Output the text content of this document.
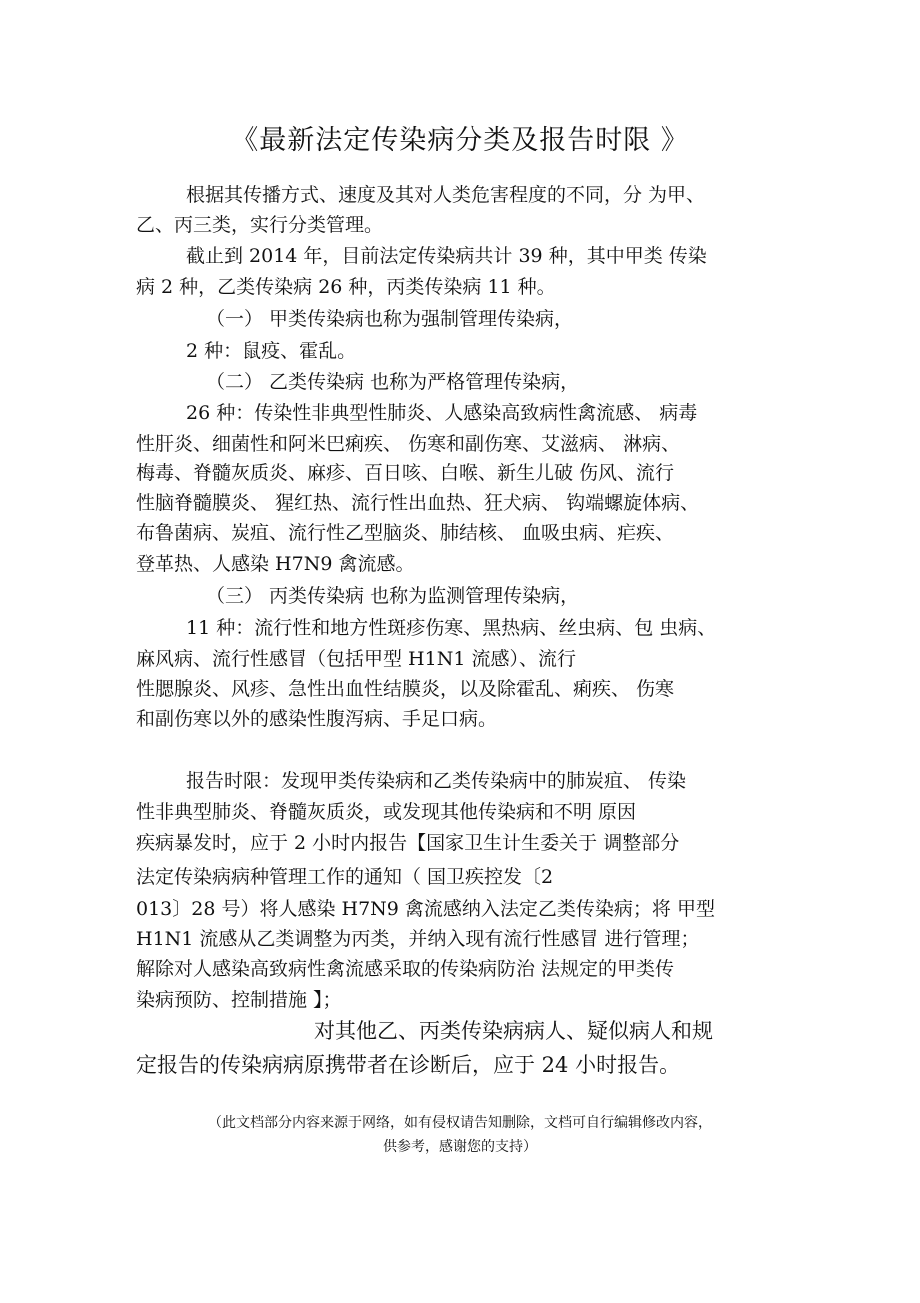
《最新法定传染病分类及报告时限 》
根据其传播方式、速度及其对人类危害程度的不同，分 为甲、
乙、丙三类，实行分类管理。
截止到 2014 年，目前法定传染病共计 39 种，其中甲类 传染
病 2 种，乙类传染病 26 种，丙类传染病 11 种。
（一） 甲类传染病也称为强制管理传染病，
2 种：鼠疫、霍乱。
（二） 乙类传染病 也称为严格管理传染病，
26 种：传染性非典型性肺炎、人感染高致病性禽流感、 病毒
性肝炎、细菌性和阿米巴痢疾、 伤寒和副伤寒、艾滋病、 淋病、
梅毒、脊髓灰质炎、麻疹、百日咳、白喉、新生儿破 伤风、流行
性脑脊髓膜炎、 猩红热、流行性出血热、狂犬病、 钩端螺旋体病、
布鲁菌病、炭疽、流行性乙型脑炎、肺结核、 血吸虫病、疟疾、
登革热、人感染 H7N9 禽流感。
（三） 丙类传染病 也称为监测管理传染病，
11 种：流行性和地方性斑疹伤寒、黑热病、丝虫病、包 虫病、
麻风病、流行性感冒（包括甲型 H1N1 流感）、流行
性腮腺炎、风疹、急性出血性结膜炎，以及除霍乱、痢疾、 伤寒
和副伤寒以外的感染性腹泻病、手足口病。
报告时限：发现甲类传染病和乙类传染病中的肺炭疽、 传染
性非典型肺炎、脊髓灰质炎，或发现其他传染病和不明 原因
疾病暴发时，应于 2 小时内报告【国家卫生计生委关于 调整部分
法定传染病病种管理工作的通知（ 国卫疾控发〔2
013〕28 号）将人感染 H7N9 禽流感纳入法定乙类传染病；将 甲型
H1N1 流感从乙类调整为丙类，并纳入现有流行性感冒 进行管理；
解除对人感染高致病性禽流感采取的传染病防治 法规定的甲类传
染病预防、控制措施 】；
对其他乙、丙类传染病病人、疑似病人和规
定报告的传染病病原携带者在诊断后，应于 24 小时报告。
（此文档部分内容来源于网络，如有侵权请告知删除，文档可自行编辑修改内容，
供参考，感谢您的支持）
